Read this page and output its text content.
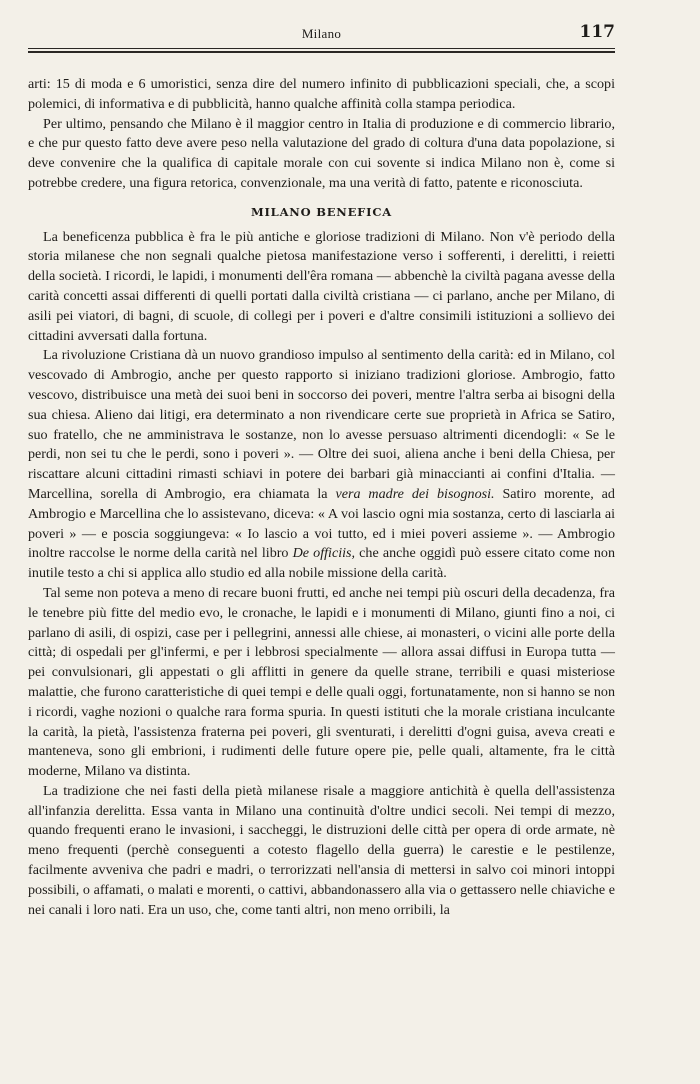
Milano	117

arti: 15 di moda e 6 umoristici, senza dire del numero infinito di pubblicazioni speciali, che, a scopi polemici, di informativa e di pubblicità, hanno qualche affinità colla stampa periodica.

Per ultimo, pensando che Milano è il maggior centro in Italia di produzione e di commercio librario, e che pur questo fatto deve avere peso nella valutazione del grado di coltura d'una data popolazione, si deve convenire che la qualifica di capitale morale con cui sovente si indica Milano non è, come si potrebbe credere, una figura retorica, convenzionale, ma una verità di fatto, patente e riconosciuta.

MILANO BENEFICA

La beneficenza pubblica è fra le più antiche e gloriose tradizioni di Milano. Non v'è periodo della storia milanese che non segnali qualche pietosa manifestazione verso i sofferenti, i derelitti, i reietti della società. I ricordi, le lapidi, i monumenti dell'êra romana — abbenchè la civiltà pagana avesse della carità concetti assai differenti di quelli portati dalla civiltà cristiana — ci parlano, anche per Milano, di asili pei viatori, di bagni, di scuole, di collegi per i poveri e d'altre consimili istituzioni a sollievo dei cittadini avversati dalla fortuna.

La rivoluzione Cristiana dà un nuovo grandioso impulso al sentimento della carità: ed in Milano, col vescovado di Ambrogio, anche per questo rapporto si iniziano tradizioni gloriose. Ambrogio, fatto vescovo, distribuisce una metà dei suoi beni in soccorso dei poveri, mentre l'altra serba ai bisogni della sua chiesa. Alieno dai litigi, era determinato a non rivendicare certe sue proprietà in Africa se Satiro, suo fratello, che ne amministrava le sostanze, non lo avesse persuaso altrimenti dicendogli: « Se le perdi, non sei tu che le perdi, sono i poveri ». — Oltre dei suoi, aliena anche i beni della Chiesa, per riscattare alcuni cittadini rimasti schiavi in potere dei barbari già minaccianti ai confini d'Italia. — Marcellina, sorella di Ambrogio, era chiamata la vera madre dei bisognosi. Satiro morente, ad Ambrogio e Marcellina che lo assistevano, diceva: « A voi lascio ogni mia sostanza, certo di lasciarla ai poveri » — e poscia soggiungeva: « Io lascio a voi tutto, ed i miei poveri assieme ». — Ambrogio inoltre raccolse le norme della carità nel libro De officiis, che anche oggidì può essere citato come non inutile testo a chi si applica allo studio ed alla nobile missione della carità.

Tal seme non poteva a meno di recare buoni frutti, ed anche nei tempi più oscuri della decadenza, fra le tenebre più fitte del medio evo, le cronache, le lapidi e i monumenti di Milano, giunti fino a noi, ci parlano di asili, di ospizi, case per i pellegrini, annessi alle chiese, ai monasteri, o vicini alle porte della città; di ospedali per gl'infermi, e per i lebbrosi specialmente — allora assai diffusi in Europa tutta — pei convulsionari, gli appestati o gli afflitti in genere da quelle strane, terribili e quasi misteriose malattie, che furono caratteristiche di quei tempi e delle quali oggi, fortunatamente, non si hanno se non i ricordi, vaghe nozioni o qualche rara forma spuria. In questi istituti che la morale cristiana inculcante la carità, la pietà, l'assistenza fraterna pei poveri, gli sventurati, i derelitti d'ogni guisa, aveva creati e manteneva, sono gli embrioni, i rudimenti delle future opere pie, pelle quali, altamente, fra le città moderne, Milano va distinta.

La tradizione che nei fasti della pietà milanese risale a maggiore antichità è quella dell'assistenza all'infanzia derelitta. Essa vanta in Milano una continuità d'oltre undici secoli. Nei tempi di mezzo, quando frequenti erano le invasioni, i saccheggi, le distruzioni delle città per opera di orde armate, nè meno frequenti (perchè conseguenti a cotesto flagello della guerra) le carestie e le pestilenze, facilmente avveniva che padri e madri, o terrorizzati nell'ansia di mettersi in salvo coi minori intoppi possibili, o affamati, o malati e morenti, o cattivi, abbandonassero alla via o gettassero nelle chiaviche e nei canali i loro nati. Era un uso, che, come tanti altri, non meno orribili, la
